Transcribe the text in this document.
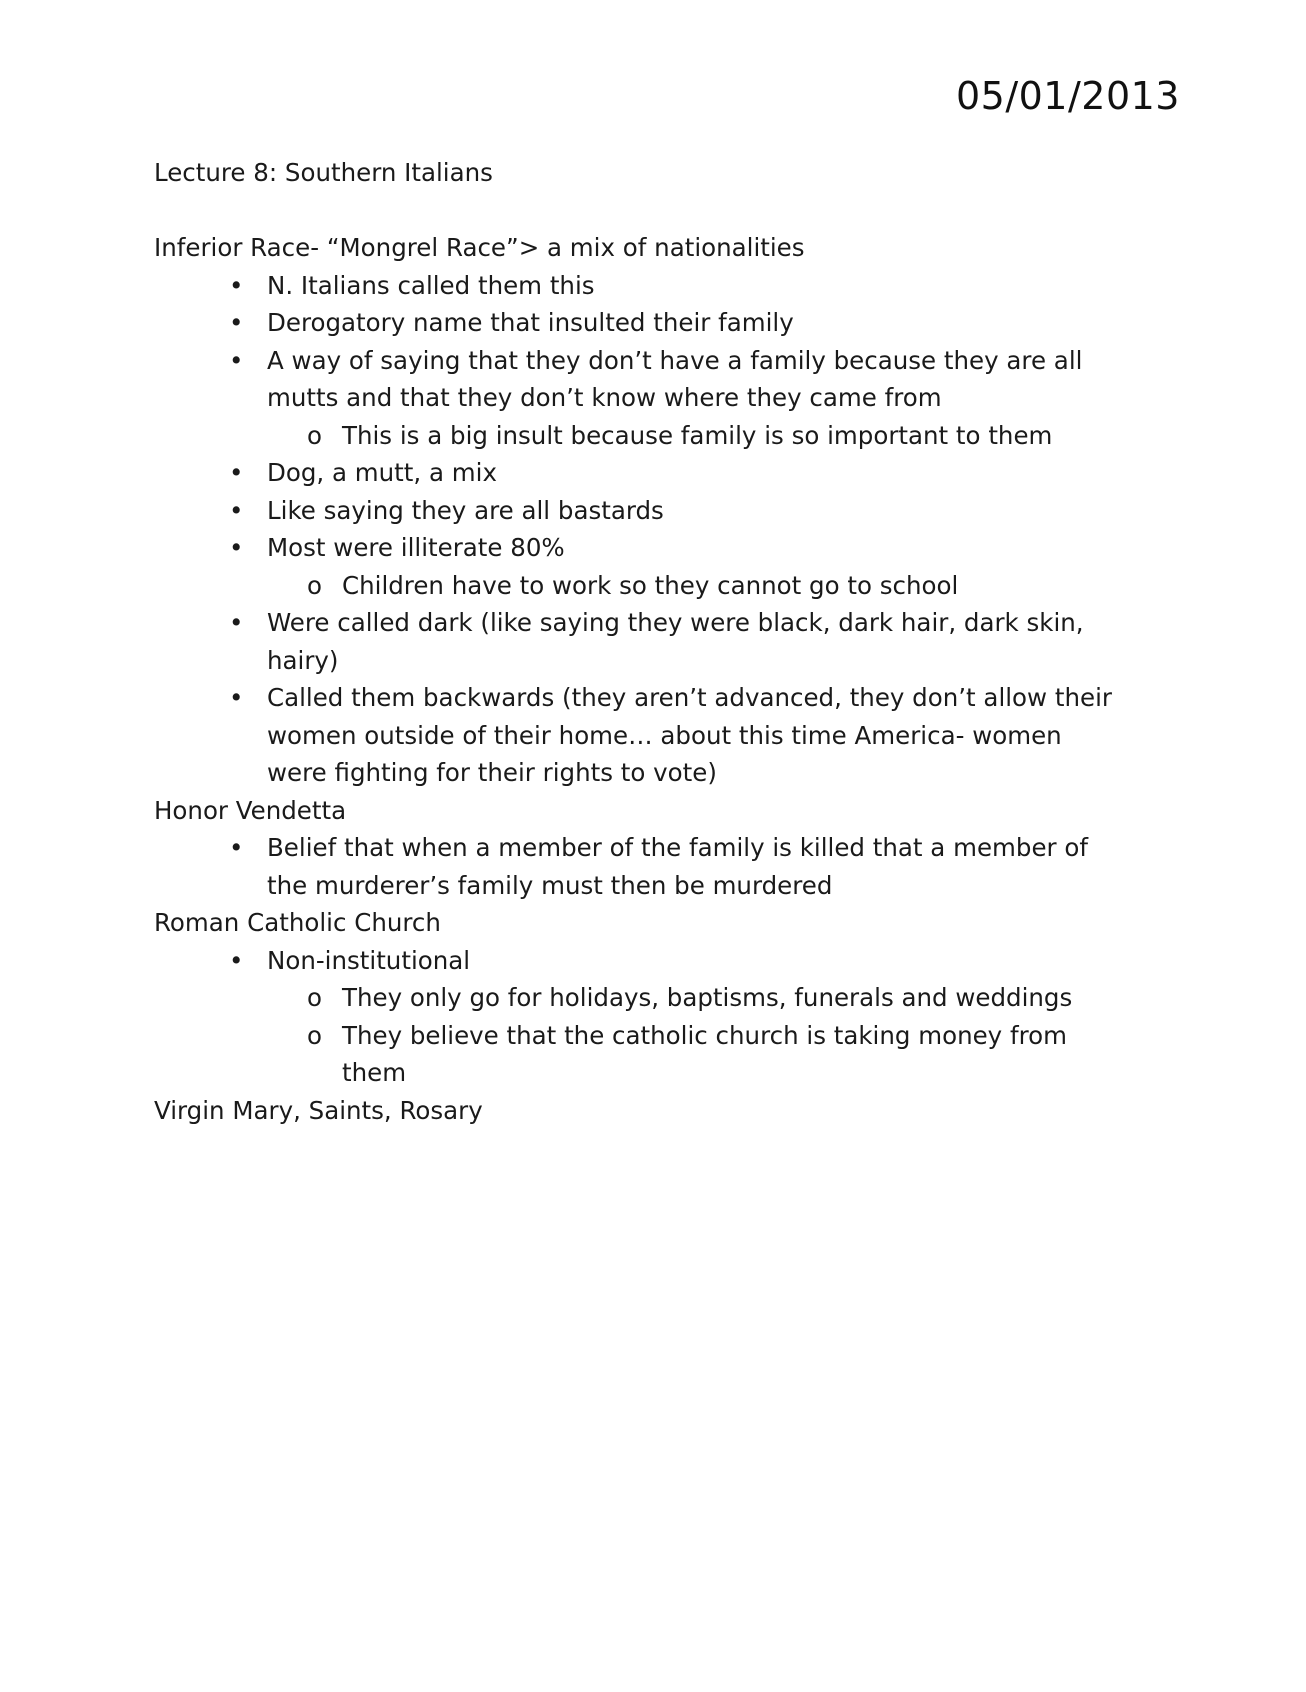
05/01/2013

Lecture 8: Southern Italians

Inferior Race- “Mongrel Race”> a mix of nationalities

• N. Italians called them this
• Derogatory name that insulted their family
• A way of saying that they don’t have a family because they are all mutts and that they don’t know where they came from
o This is a big insult because family is so important to them
• Dog, a mutt, a mix
• Like saying they are all bastards
• Most were illiterate 80%
o Children have to work so they cannot go to school
• Were called dark (like saying they were black, dark hair, dark skin, hairy)
• Called them backwards (they aren’t advanced, they don’t allow their women outside of their home… about this time America- women were fighting for their rights to vote)

Honor Vendetta

• Belief that when a member of the family is killed that a member of the murderer’s family must then be murdered

Roman Catholic Church

• Non-institutional
o They only go for holidays, baptisms, funerals and weddings
o They believe that the catholic church is taking money from them

Virgin Mary, Saints, Rosary
